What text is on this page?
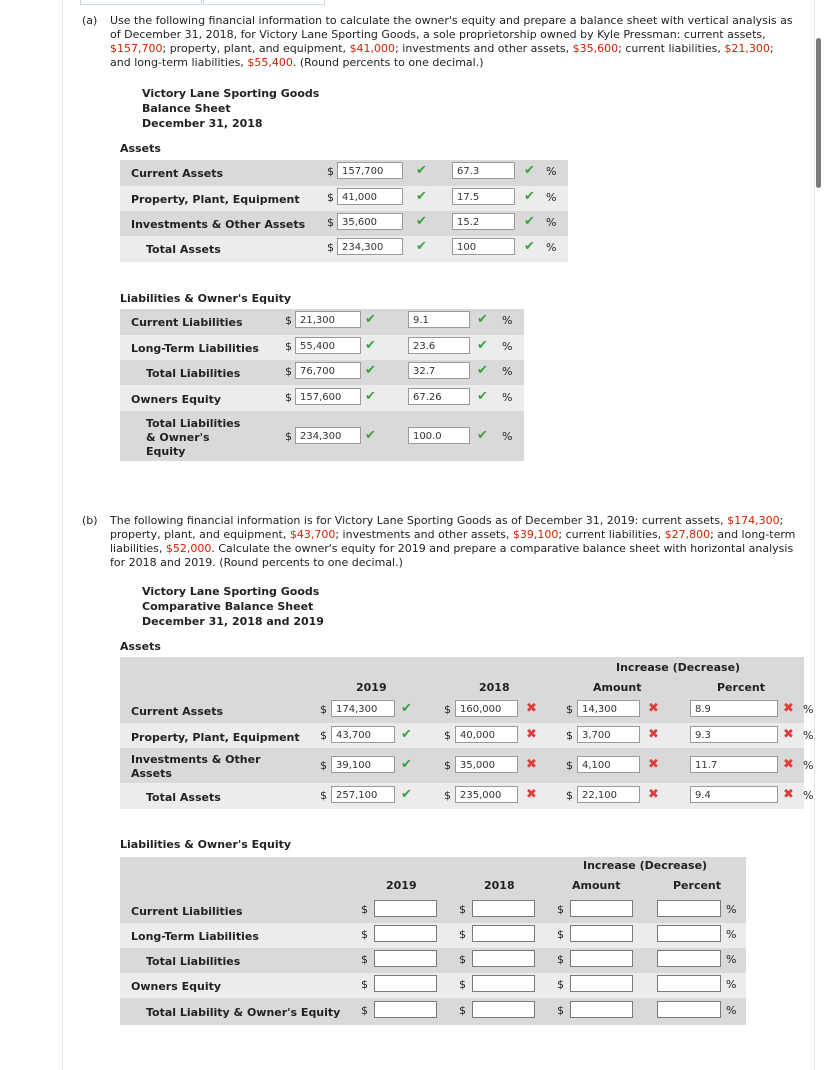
(a) Use the following financial information to calculate the owner's equity and prepare a balance sheet with vertical analysis as
of December 31, 2018, for Victory Lane Sporting Goods, a sole proprietorship owned by Kyle Pressman: current assets,
$157,700; property, plant, and equipment, $41,000; investments and other assets, $35,600; current liabilities, $21,300;
and long-term liabilities, $55,400. (Round percents to one decimal.)
Victory Lane Sporting Goods
Balance Sheet
December 31, 2018
Assets
Current Assets	$ 157,700	✔	67.3	✔ %
Property, Plant, Equipment $ 41,000	✔	17.5	✔ %
Investments & Other Assets $ 35,600	✔	15.2	✔ %
Total Assets	$ 234,300	✔	100	✔ %
Liabilities & Owner's Equity
Current Liabilities	$ 21,300	✔	9.1	✔ %
Long-Term Liabilities $ 55,400	✔	23.6	✔ %
Total Liabilities	$ 76,700	✔	32.7	✔ %
Owners Equity	$ 157,600	✔	67.26	✔ %
Total Liabilities
& Owner's
Equity
$ 234,300	✔	100.0	✔ %
(b) The following financial information is for Victory Lane Sporting Goods as of December 31, 2019: current assets, $174,300;
property, plant, and equipment, $43,700; investments and other assets, $39,100; current liabilities, $27,800; and long-term
liabilities, $52,000. Calculate the owner's equity for 2019 and prepare a comparative balance sheet with horizontal analysis
for 2018 and 2019. (Round percents to one decimal.)
Victory Lane Sporting Goods
Comparative Balance Sheet
December 31, 2018 and 2019
Assets
Increase (Decrease)
2019	2018	Amount	Percent
Current Assets	$ 174,300	✔	$ 160,000	✖	$ 14,300	✖	8.9	✖ %
Property, Plant, Equipment $ 43,700	✔	$ 40,000	✖	$ 3,700	✖	9.3	✖ %
Investments & Other
Assets
$ 39,100	✔	$ 35,000	✖	$ 4,100	✖	11.7	✖ %
Total Assets	$ 257,100	✔	$ 235,000	✖	$ 22,100	✖	9.4	✖ %
Liabilities & Owner's Equity
Increase (Decrease)
2019	2018	Amount	Percent
Current Liabilities	$	$	$	%
Long-Term Liabilities	$	$	$	%
Total Liabilities	$	$	$	%
Owners Equity	$	$	$	%
Total Liability & Owner's Equity $	$	$	%
